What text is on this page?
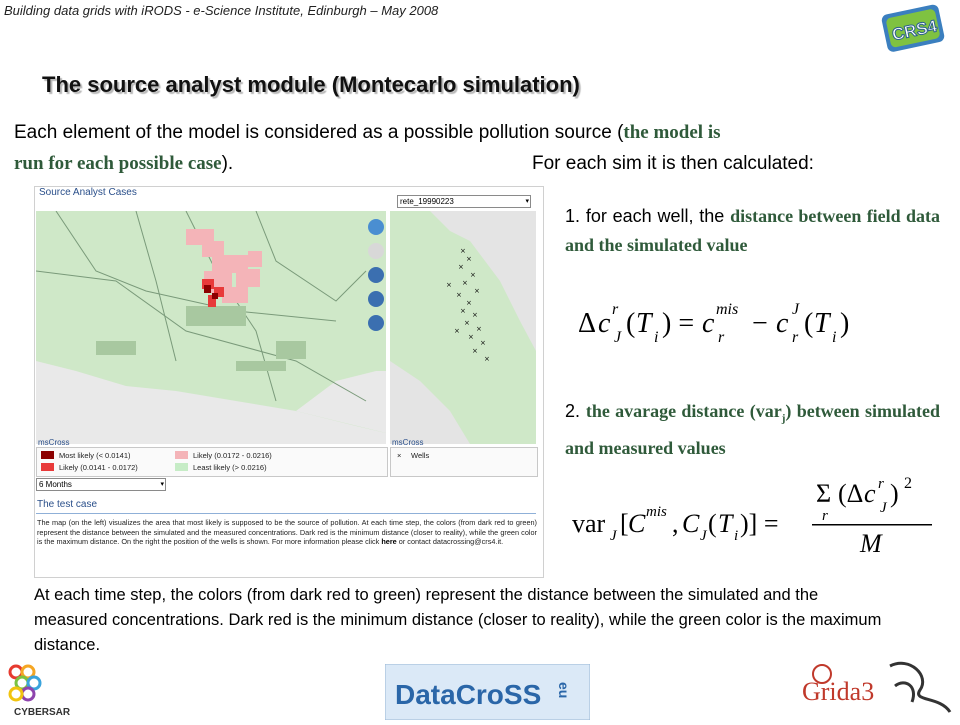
Building data grids with iRODS - e-Science Institute, Edinburgh – May 2008
CRS4
The source analyst module (Montecarlo simulation)
Each element of the model is considered as a possible pollution source (the model is
run for each possible case).	For each sim it is then calculated:
Source Analyst Cases
rete_19990223	▾
×
×
×
×
×
×
×
×
× ×
×
×
×
×
×
×
×
×
msCross
Most likely (< 0.0141)
Likely (0.0141 - 0.0172)
Likely (0.0172 - 0.0216)
Least likely (> 0.0216)
msCross
× Wells
6 Months	▾
The test case
The map (on the left) visualizes the area that most likely is supposed to be the source of pollution. At each time step, the colors (from dark red to green) represent the distance between the simulated and the measured concentrations. Dark red is the minimum distance (closer to reality), while the green color is the maximum distance. On the right the position of the wells is shown. For more information please click here or contact datacrossing@crs4.it.
1. for each well, the distance between field data and the simulated value
Δ c r
J ( T i ) = c mis
r − c J
r ( T i )
2. the avarage distance (var$_j$) between simulated and measured values
var J [ C mis , C J ( T i )] =
Σ
r
(Δ c r
J ) 2
M
At each time step, the colors (from dark red to green) represent the distance between the simulated and the measured concentrations. Dark red is the minimum distance (closer to reality), while the green color is the maximum distance.
CYBERSAR
DataCroSS eu	Grida3
